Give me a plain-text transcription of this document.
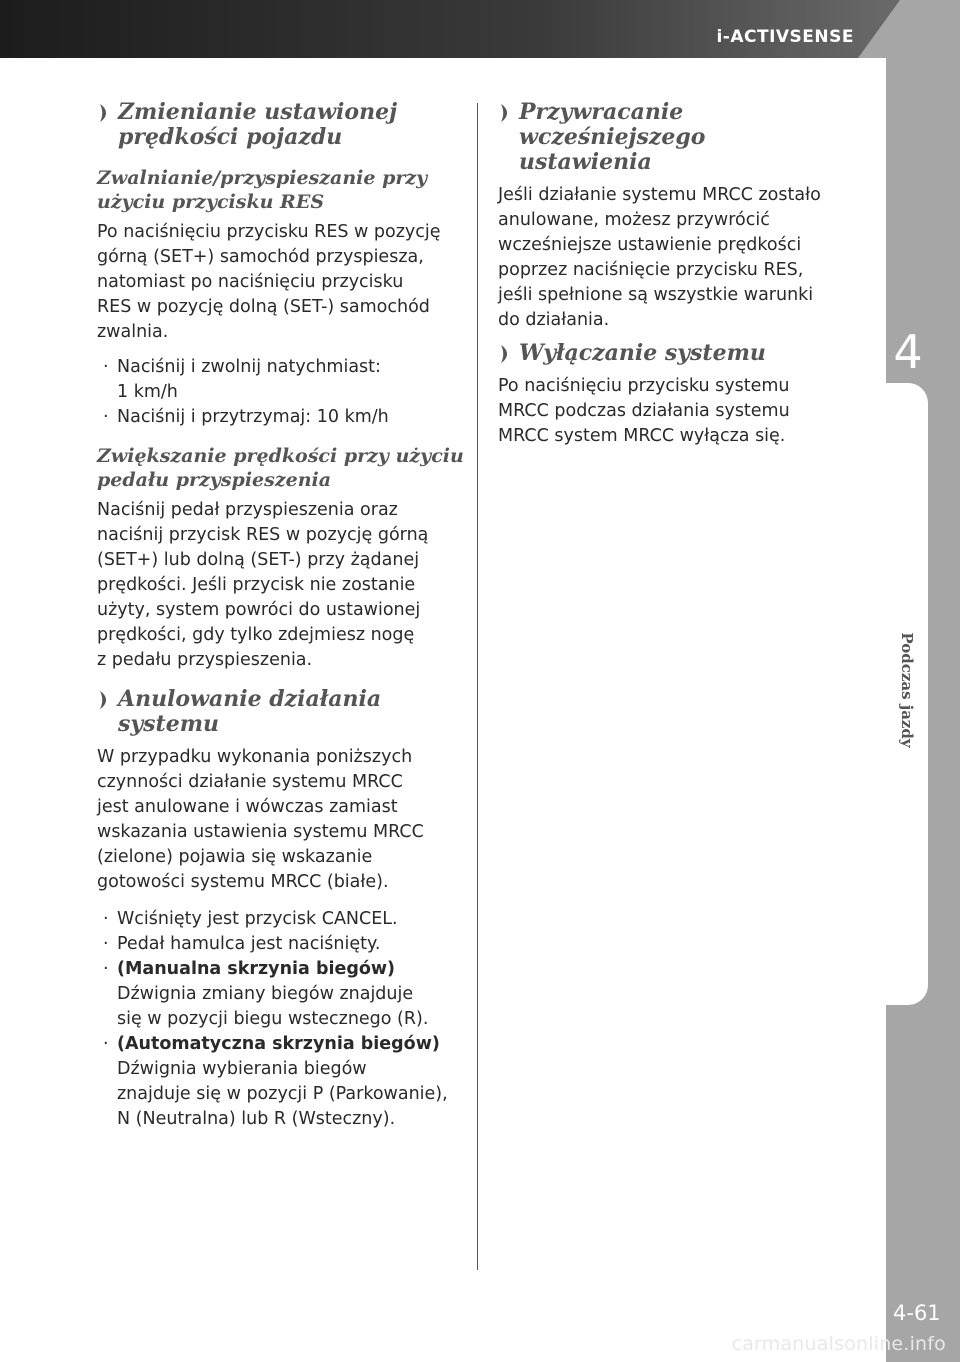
i-ACTIVSENSE
4
Podczas jazdy
4-61
carmanualsonline.info
Zmienianie ustawionej
prędkości pojazdu
Zwalnianie/przyspieszanie przy
użyciu przycisku RES

Po naciśnięciu przycisku RES w pozycję
górną (SET+) samochód przyspiesza,
natomiast po naciśnięciu przycisku
RES w pozycję dolną (SET-) samochód
zwalnia.

· Naciśnij i zwolnij natychmiast:
1 km/h
· Naciśnij i przytrzymaj: 10 km/h
Zwiększanie prędkości przy użyciu
pedału przyspieszenia

Naciśnij pedał przyspieszenia oraz
naciśnij przycisk RES w pozycję górną
(SET+) lub dolną (SET-) przy żądanej
prędkości. Jeśli przycisk nie zostanie
użyty, system powróci do ustawionej
prędkości, gdy tylko zdejmiesz nogę
z pedału przyspieszenia.

Anulowanie działania
systemu

W przypadku wykonania poniższych
czynności działanie systemu MRCC
jest anulowane i wówczas zamiast
wskazania ustawienia systemu MRCC
(zielone) pojawia się wskazanie
gotowości systemu MRCC (białe).

· Wciśnięty jest przycisk CANCEL.
· Pedał hamulca jest naciśnięty.
· (Manualna skrzynia biegów)
Dźwignia zmiany biegów znajduje
się w pozycji biegu wstecznego (R).
· (Automatyczna skrzynia biegów)
Dźwignia wybierania biegów
znajduje się w pozycji P (Parkowanie),
N (Neutralna) lub R (Wsteczny).
Przywracanie wcześniejszego
ustawienia

Jeśli działanie systemu MRCC zostało
anulowane, możesz przywrócić
wcześniejsze ustawienie prędkości
poprzez naciśnięcie przycisku RES,
jeśli spełnione są wszystkie warunki
do działania.

Wyłączanie systemu

Po naciśnięciu przycisku systemu
MRCC podczas działania systemu
MRCC system MRCC wyłącza się.
